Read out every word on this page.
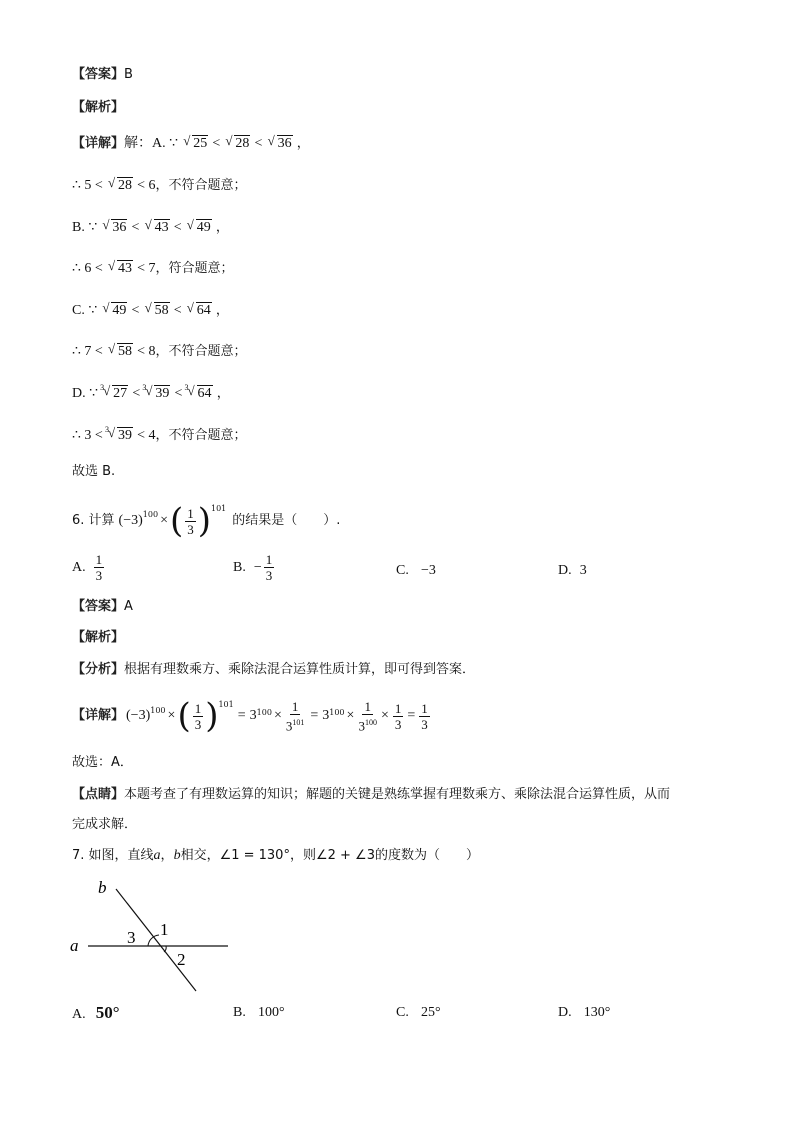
【答案】B
【解析】
【详解】解：A. ∵ √ 25 < √ 28 < √ 36 ，
∴ 5 < √ 28 < 6，不符合题意；
B. ∵ √ 36 < √ 43 < √ 49 ，
∴ 6 < √ 43 < 7，符合题意；
C. ∵ √ 49 < √ 58 < √ 64 ，
∴ 7 < √ 58 < 8，不符合题意；
D. ∵ 3 √ 27 < 3 √ 39 < 3 √ 64 ，
∴ 3 < 3 √ 39 < 4，不符合题意；
故选 B.
6. 计算 $(-3)^{100}$ × ( $\frac{1}{3} )^{101}$
的结果是（　　）.
A. $\frac{1}{3}$	B. − $\frac{1}{3}$	C. −3	D. 3
【答案】A
【解析】
【分析】根据有理数乘方、乘除法混合运算性质计算，即可得到答案．
【详解】 $(-3)^{100}$ × ( $\frac{1}{3} )^{101}$
= $3^{100} \times \frac{1}{3^{101}} = 3^{100} \times \frac{1}{3^{100}} \times \frac{1}{3} = \frac{1}{3}$
故选：A．
【点睛】本题考查了有理数运算的知识；解题的关键是熟练掌握有理数乘方、乘除法混合运算性质，从而
完成求解．
7. 如图，直线a，b相交，∠1 = 130°，则∠2 + ∠3的度数为（　　）
a
b
1
2
3
A. 50°	B. 100°	C. 25°	D. 130°
